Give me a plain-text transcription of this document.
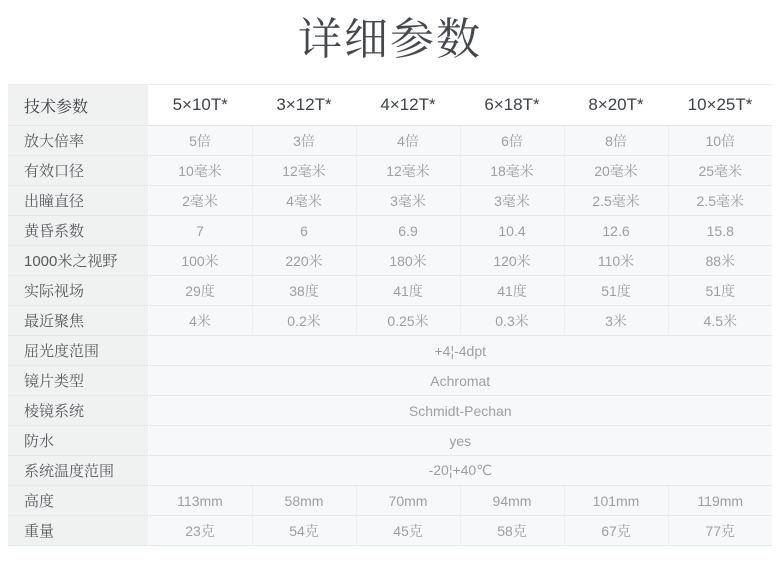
详细参数
技术参数	5×10T*	3×12T*	4×12T*	6×18T*	8×20T*	10×25T*
放大倍率	5倍	3倍	4倍	6倍	8倍	10倍
有效口径	10毫米	12毫米	12毫米	18毫米	20毫米	25毫米
出瞳直径	2毫米	4毫米	3毫米	3毫米	2.5毫米	2.5毫米
黄昏系数	7	6	6.9	10.4	12.6	15.8
1000米之视野	100米	220米	180米	120米	110米	88米
实际视场	29度	38度	41度	41度	51度	51度
最近聚焦	4米	0.2米	0.25米	0.3米	3米	4.5米
屈光度范围	+4¦-4dpt					
镜片类型	Achromat					
棱镜系统	Schmidt-Pechan					
防水	yes					
系统温度范围	-20¦+40℃					
高度	113mm	58mm	70mm	94mm	101mm	119mm
重量	23克	54克	45克	58克	67克	77克
